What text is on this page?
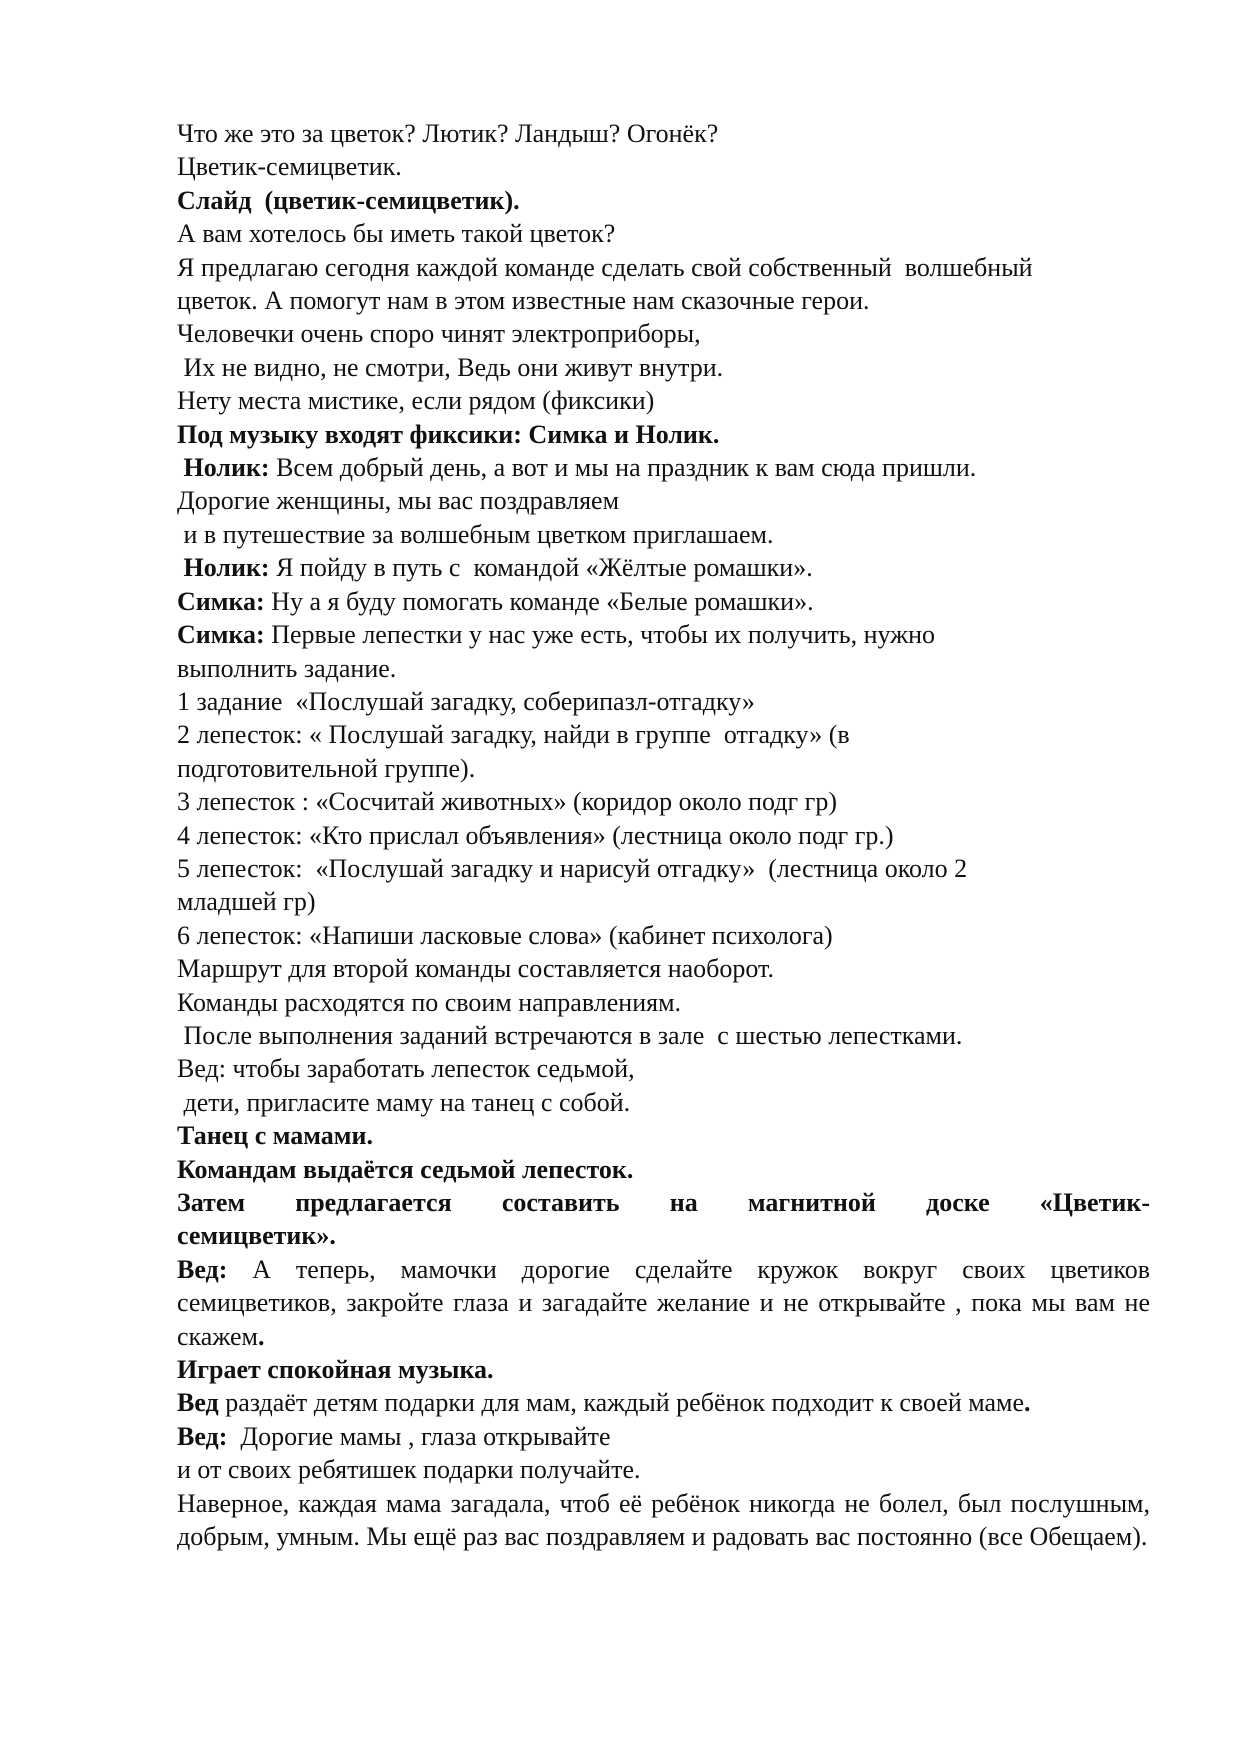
Что же это за цветок? Лютик? Ландыш? Огонёк?

Цветик-семицветик.

Слайд  (цветик-семицветик).

А вам хотелось бы иметь такой цветок?

Я предлагаю сегодня каждой команде сделать свой собственный  волшебный

цветок. А помогут нам в этом известные нам сказочные герои.

Человечки очень споро чинят электроприборы,

Их не видно, не смотри, Ведь они живут внутри.

Нету места мистике, если рядом (фиксики)

Под музыку входят фиксики: Симка и Нолик.

Нолик: Всем добрый день, а вот и мы на праздник к вам сюда пришли.

Дорогие женщины, мы вас поздравляем

и в путешествие за волшебным цветком приглашаем.

Нолик: Я пойду в путь с  командой «Жёлтые ромашки».

Симка: Ну а я буду помогать команде «Белые ромашки».

Симка: Первые лепестки у нас уже есть, чтобы их получить, нужно

выполнить задание.

1 задание  «Послушай загадку, соберипазл-отгадку»

2 лепесток: « Послушай загадку, найди в группе  отгадку» (в

подготовительной группе).

3 лепесток : «Сосчитай животных» (коридор около подг гр)

4 лепесток: «Кто прислал объявления» (лестница около подг гр.)

5 лепесток:  «Послушай загадку и нарисуй отгадку»  (лестница около 2

младшей гр)

6 лепесток: «Напиши ласковые слова» (кабинет психолога)

Маршрут для второй команды составляется наоборот.

Команды расходятся по своим направлениям.

После выполнения заданий встречаются в зале  с шестью лепестками.

Вед: чтобы заработать лепесток седьмой,

дети, пригласите маму на танец с собой.

Танец с мамами.

Командам выдаётся седьмой лепесток.

Затем предлагается составить на магнитной доске «Цветик-

семицветик».

Вед: А теперь, мамочки дорогие сделайте кружок вокруг своих цветиков семицветиков, закройте глаза и загадайте желание и не открывайте , пока мы вам не скажем.

Играет спокойная музыка.

Вед раздаёт детям подарки для мам, каждый ребёнок подходит к своей маме.

Вед:  Дорогие мамы , глаза открывайте

и от своих ребятишек подарки получайте.

Наверное, каждая мама загадала, чтоб её ребёнок никогда не болел, был послушным, добрым, умным. Мы ещё раз вас поздравляем и радовать вас постоянно (все Обещаем).
